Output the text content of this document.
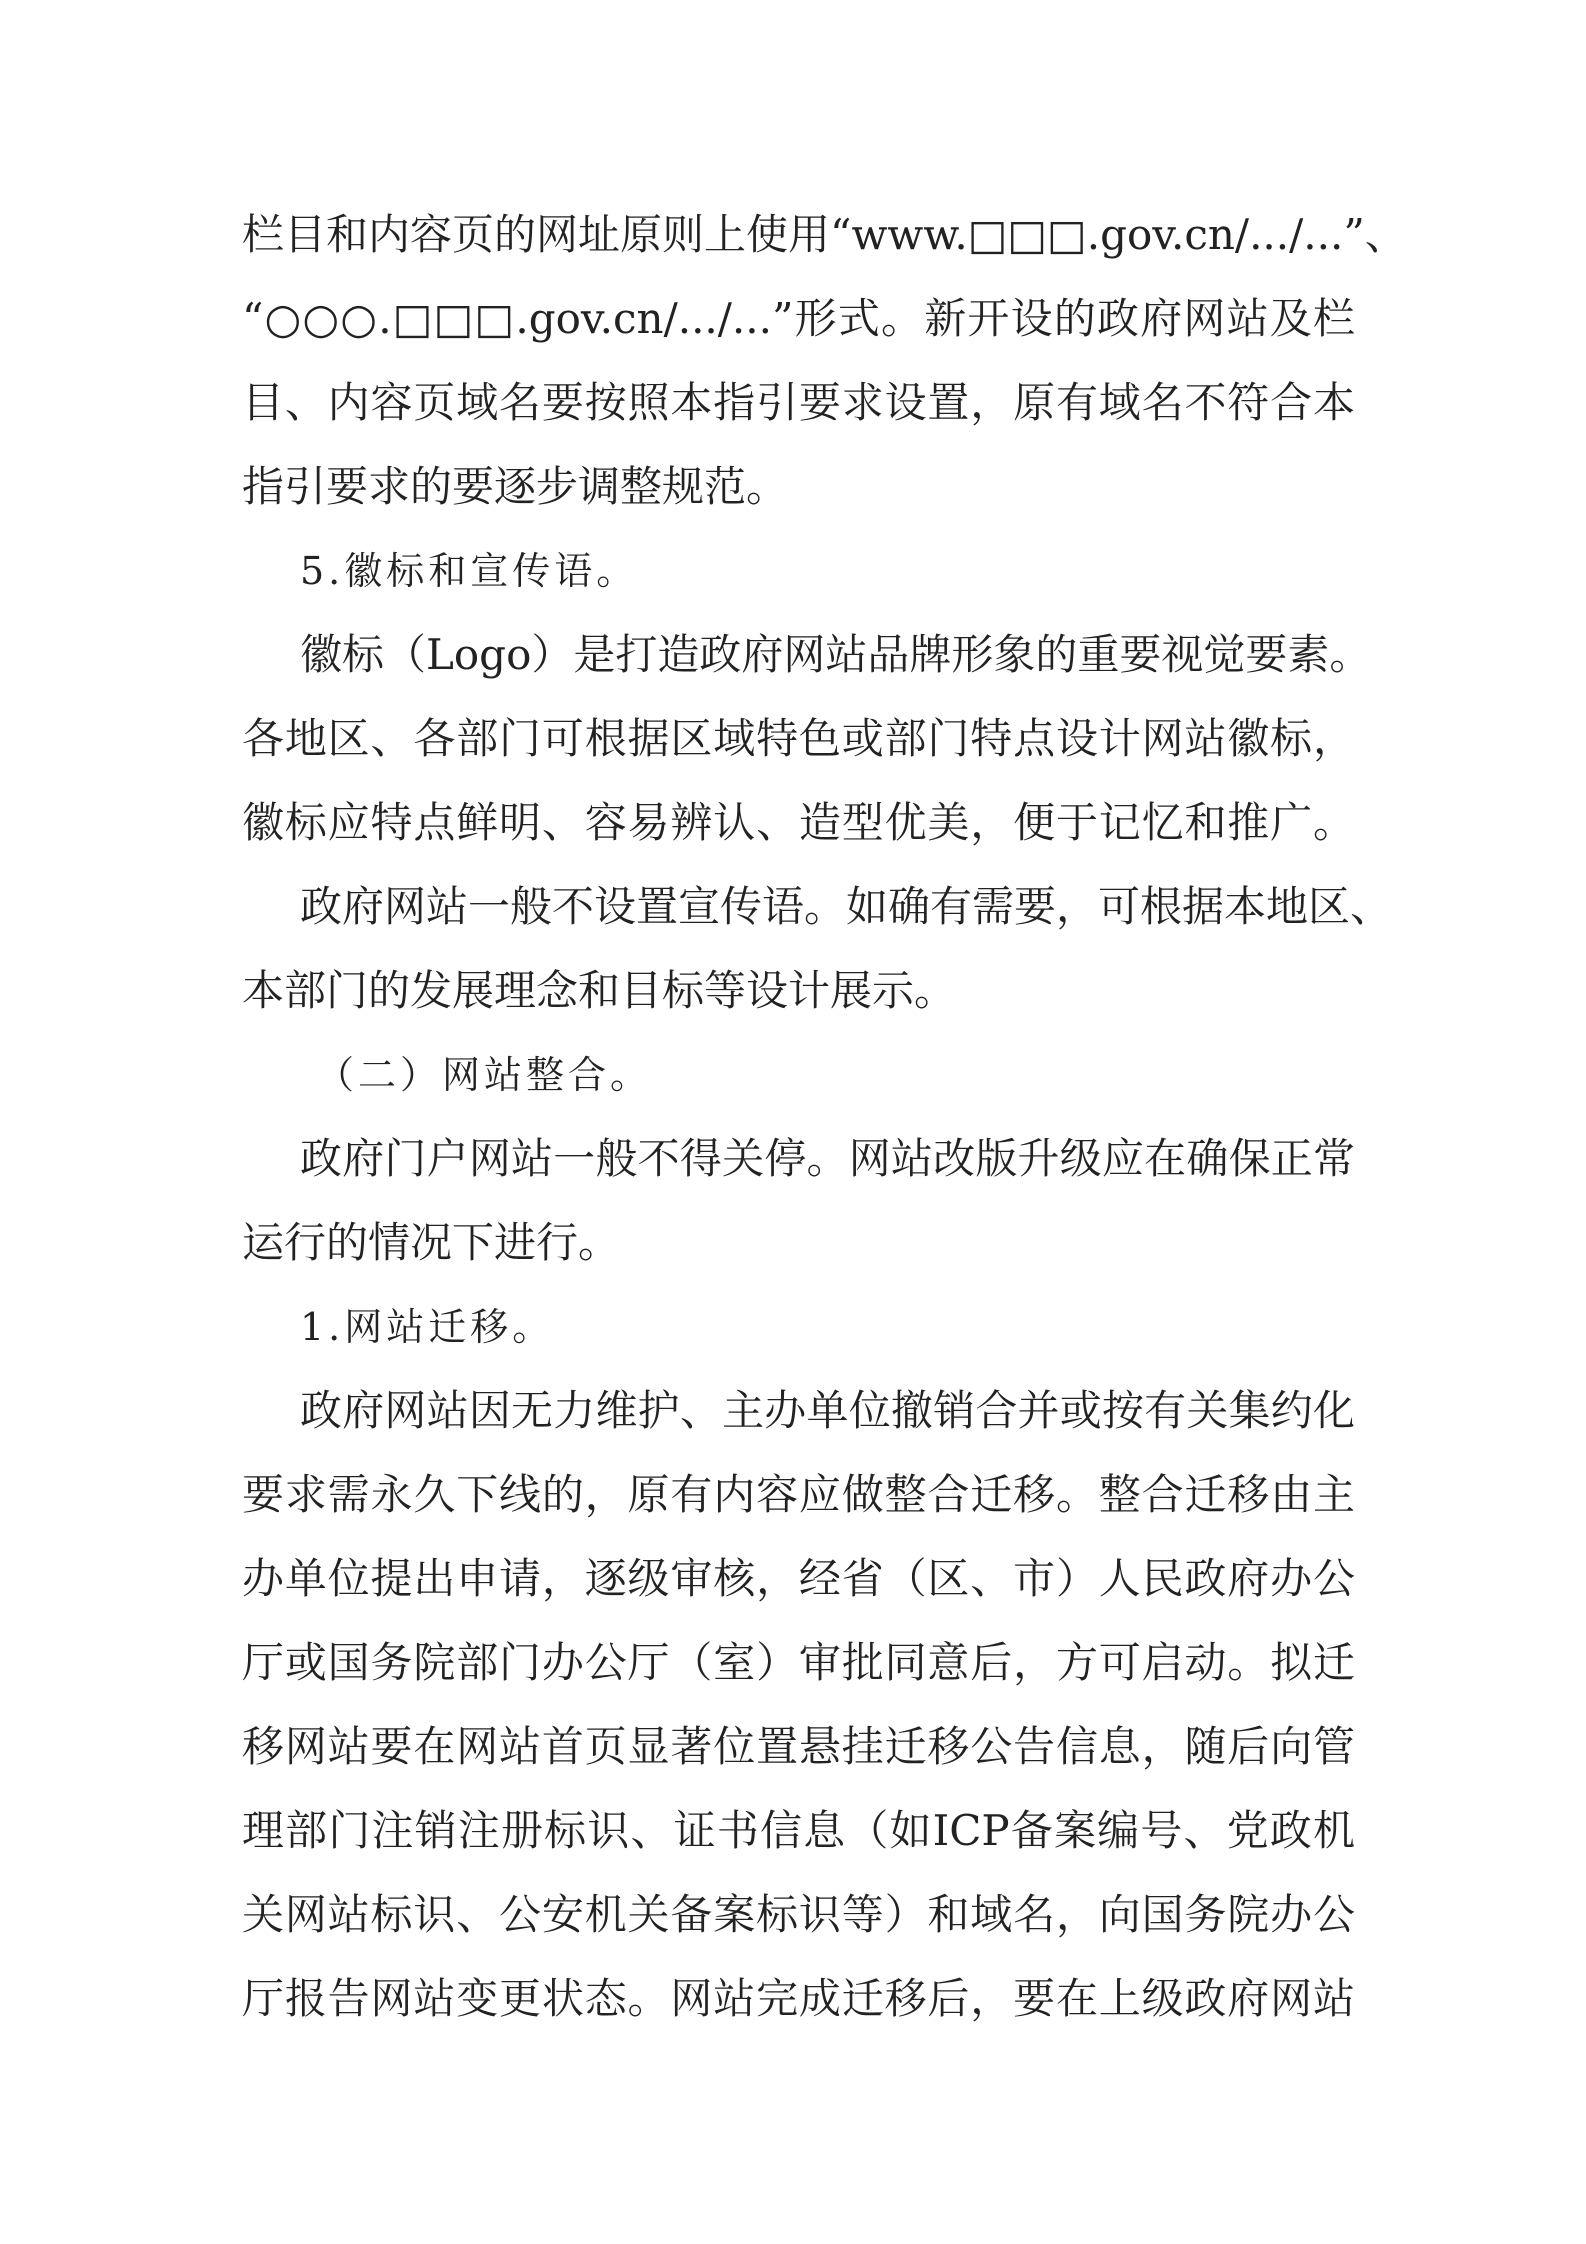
栏目和内容页的网址原则上使用“www.□□□.gov.cn/.../...”、
“○○○.□□□.gov.cn/.../...”形式。新开设的政府网站及栏
目、内容页域名要按照本指引要求设置，原有域名不符合本
指引要求的要逐步调整规范。
5.徽标和宣传语。
徽标（Logo）是打造政府网站品牌形象的重要视觉要素。
各地区、各部门可根据区域特色或部门特点设计网站徽标，
徽标应特点鲜明、容易辨认、造型优美，便于记忆和推广。
政府网站一般不设置宣传语。如确有需要，可根据本地区、
本部门的发展理念和目标等设计展示。
（二）网站整合。
政府门户网站一般不得关停。网站改版升级应在确保正常
运行的情况下进行。
1.网站迁移。
政府网站因无力维护、主办单位撤销合并或按有关集约化
要求需永久下线的，原有内容应做整合迁移。整合迁移由主
办单位提出申请，逐级审核，经省（区、市）人民政府办公
厅或国务院部门办公厅（室）审批同意后，方可启动。拟迁
移网站要在网站首页显著位置悬挂迁移公告信息，随后向管
理部门注销注册标识、证书信息（如ICP备案编号、党政机
关网站标识、公安机关备案标识等）和域名，向国务院办公
厅报告网站变更状态。网站完成迁移后，要在上级政府网站
